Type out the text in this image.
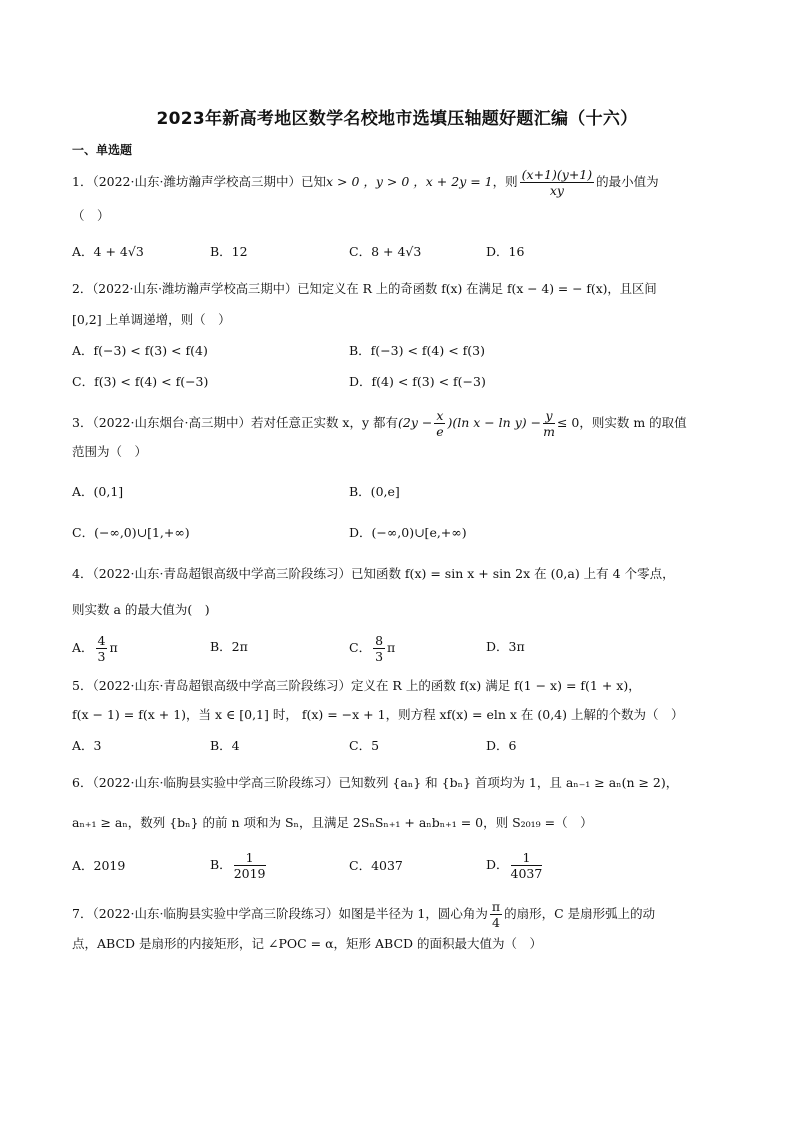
2023年新高考地区数学名校地市选填压轴题好题汇编（十六）
一、单选题
1．（2022·山东·潍坊瀚声学校高三期中）已知x > 0 ，y > 0 ，x + 2y = 1，则 $\frac{(x+1)(y+1)}{xy}$ 的最小值为
（　）
A．4 + 4√3	B．12	C．8 + 4√3	D．16
2．（2022·山东·潍坊瀚声学校高三期中）已知定义在 R 上的奇函数 f(x) 在满足 f(x − 4) = − f(x)，且区间
[0,2] 上单调递增，则（　）
A．f(−3) < f(3) < f(4)	B．f(−3) < f(4) < f(3)
C．f(3) < f(4) < f(−3)	D．f(4) < f(3) < f(−3)
3．（2022·山东烟台·高三期中）若对任意正实数 x，y 都有$(2y - \frac{x}{e} )(\ln$ $x - \ln y) - \frac{y}{m} \le 0$，则实数 m 的取值
范围为（　）
A．(0,1]	B．(0,e]
C．(−∞,0)∪[1,+∞)	D．(−∞,0)∪[e,+∞)
4．（2022·山东·青岛超银高级中学高三阶段练习）已知函数 f(x) = sin x + sin 2x 在 (0,a) 上有 4 个零点，
则实数 a 的最大值为(　)
A． $\frac{4}{3}$ π	B．2π	C． $\frac{8}{3}$ π	D．3π
5．（2022·山东·青岛超银高级中学高三阶段练习）定义在 R 上的函数 f(x) 满足 f(1 − x) = f(1 + x)，
f(x − 1) = f(x + 1)，当 x ∈ [0,1] 时， f(x) = −x + 1，则方程 xf(x) = eln x 在 (0,4) 上解的个数为（　）
A．3	B．4	C．5	D．6
6．（2022·山东·临朐县实验中学高三阶段练习）已知数列 {aₙ} 和 {bₙ} 首项均为 1，且 aₙ₋₁ ≥ aₙ(n ≥ 2)，
aₙ₊₁ ≥ aₙ，数列 {bₙ} 的前 n 项和为 Sₙ，且满足 2SₙSₙ₊₁ + aₙbₙ₊₁ = 0，则 S₂₀₁₉ =（　）
A．2019	B． $\frac{1}{2019}$	C．4037	D． $\frac{1}{4037}$
7．（2022·山东·临朐县实验中学高三阶段练习）如图是半径为 1，圆心角为 $\frac{\pi}{4}$ 的扇形，C 是扇形弧上的动
点，ABCD 是扇形的内接矩形，记 ∠POC = α，矩形 ABCD 的面积最大值为（　）
